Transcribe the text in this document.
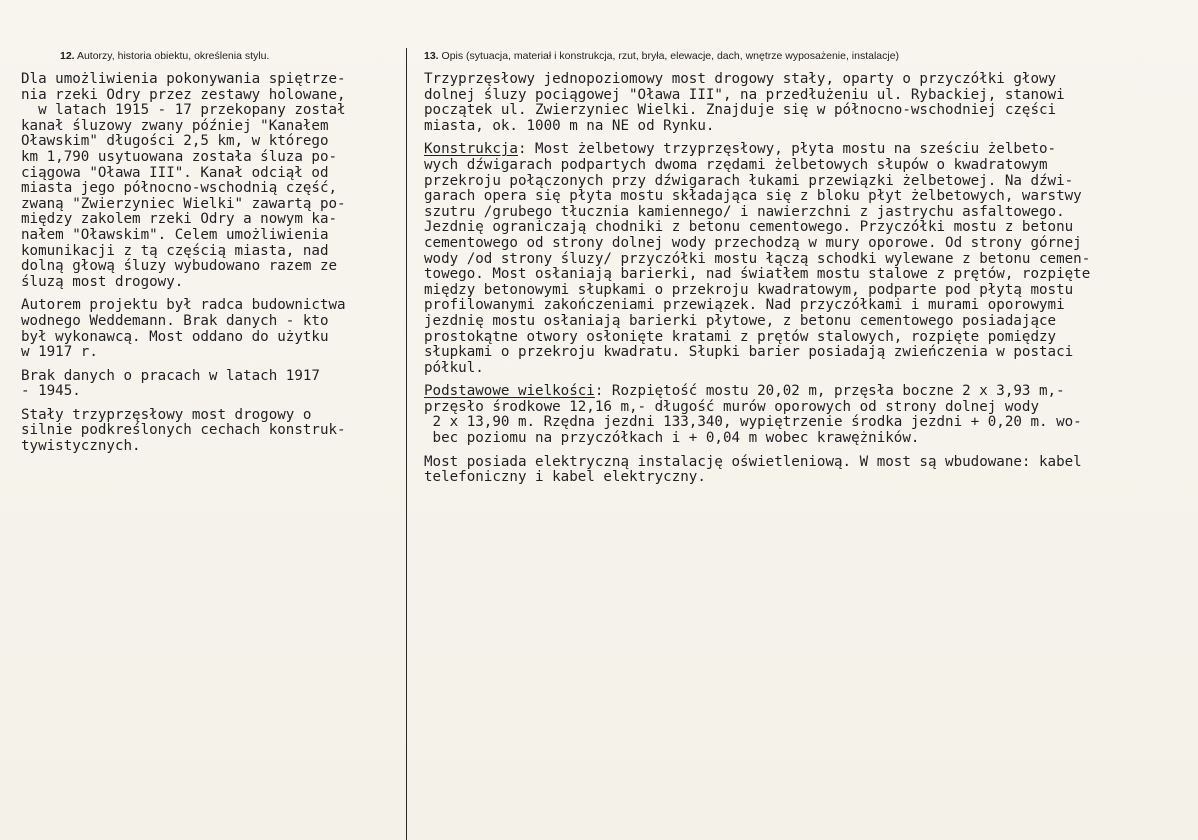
12. Autorzy, historia obiektu, określenia stylu.	13. Opis (sytuacja, materiał i konstrukcja, rzut, bryła, elewacje, dach, wnętrze wyposażenie, instalacje)

Dla umożliwienia pokonywania spiętrze-
nia rzeki Odry przez zestawy holowane,
w latach 1915 - 17 przekopany został
kanał śluzowy zwany później "Kanałem
Oławskim" długości 2,5 km, w którego
km 1,790 usytuowana została śluza po-
ciągowa "Oława III". Kanał odciął od
miasta jego północno-wschodnią część,
zwaną "Zwierzyniec Wielki" zawartą po-
między zakolem rzeki Odry a nowym ka-
nałem "Oławskim". Celem umożliwienia
komunikacji z tą częścią miasta, nad
dolną głową śluzy wybudowano razem ze
śluzą most drogowy.

Autorem projektu był radca budownictwa
wodnego Weddemann. Brak danych - kto
był wykonawcą. Most oddano do użytku
w 1917 r.

Brak danych o pracach w latach 1917
- 1945.

Stały trzyprzęsłowy most drogowy o
silnie podkreślonych cechach konstruk-
tywistycznych.

Trzyprzęsłowy jednopoziomowy most drogowy stały, oparty o przyczółki głowy
dolnej śluzy pociągowej "Oława III", na przedłużeniu ul. Rybackiej, stanowi
początek ul. Zwierzyniec Wielki. Znajduje się w północno-wschodniej części
miasta, ok. 1000 m na NE od Rynku.

Konstrukcja: Most żelbetowy trzyprzęsłowy, płyta mostu na sześciu żelbeto-
wych dźwigarach podpartych dwoma rzędami żelbetowych słupów o kwadratowym
przekroju połączonych przy dźwigarach łukami przewiązki żelbetowej. Na dźwi-
garach opera się płyta mostu składająca się z bloku płyt żelbetowych, warstwy
szutru /grubego tłucznia kamiennego/ i nawierzchni z jastrychu asfaltowego.
Jezdnię ograniczają chodniki z betonu cementowego. Przyczółki mostu z betonu
cementowego od strony dolnej wody przechodzą w mury oporowe. Od strony górnej
wody /od strony śluzy/ przyczółki mostu łączą schodki wylewane z betonu cemen-
towego. Most osłaniają barierki, nad światłem mostu stalowe z prętów, rozpięte
między betonowymi słupkami o przekroju kwadratowym, podparte pod płytą mostu
profilowanymi zakończeniami przewiązek. Nad przyczółkami i murami oporowymi
jezdnię mostu osłaniają barierki płytowe, z betonu cementowego posiadające
prostokątne otwory osłonięte kratami z prętów stalowych, rozpięte pomiędzy
słupkami o przekroju kwadratu. Słupki barier posiadają zwieńczenia w postaci
półkul.

Podstawowe wielkości: Rozpiętość mostu 20,02 m, przęsła boczne 2 x 3,93 m,-
przęsło środkowe 12,16 m,- długość murów oporowych od strony dolnej wody
2 x 13,90 m. Rzędna jezdni 133,340, wypiętrzenie środka jezdni + 0,20 m. wo-
bec poziomu na przyczółkach i + 0,04 m wobec krawężników.

Most posiada elektryczną instalację oświetleniową. W most są wbudowane: kabel
telefoniczny i kabel elektryczny.
